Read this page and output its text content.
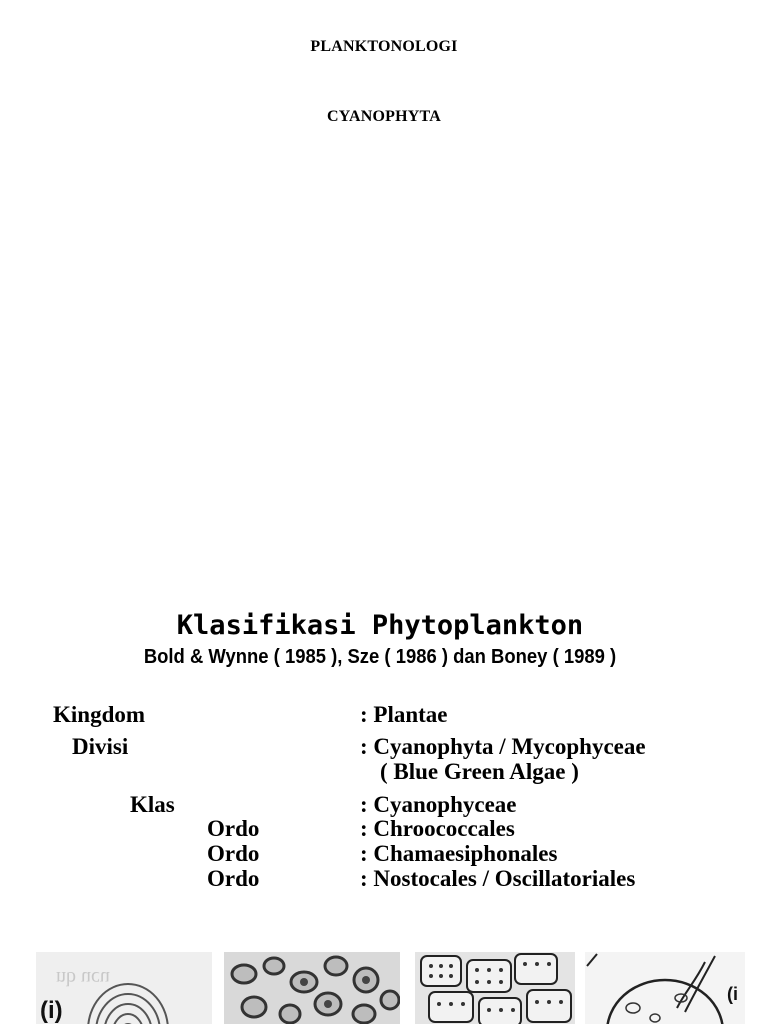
PLANKTONOLOGI
CYANOPHYTA
Klasifikasi Phytoplankton
Bold & Wynne ( 1985 ), Sze ( 1986 ) dan Boney ( 1989 )
Kingdom	: Plantae
Divisi	: Cyanophyta / Mycophyceae
( Blue Green Algae )
Klas	: Cyanophyceae
Ordo	: Chroococcales
Ordo	: Chamaesiphonales
Ordo	: Nostocales / Oscillatoriales
nb ucu
(i)
(i
